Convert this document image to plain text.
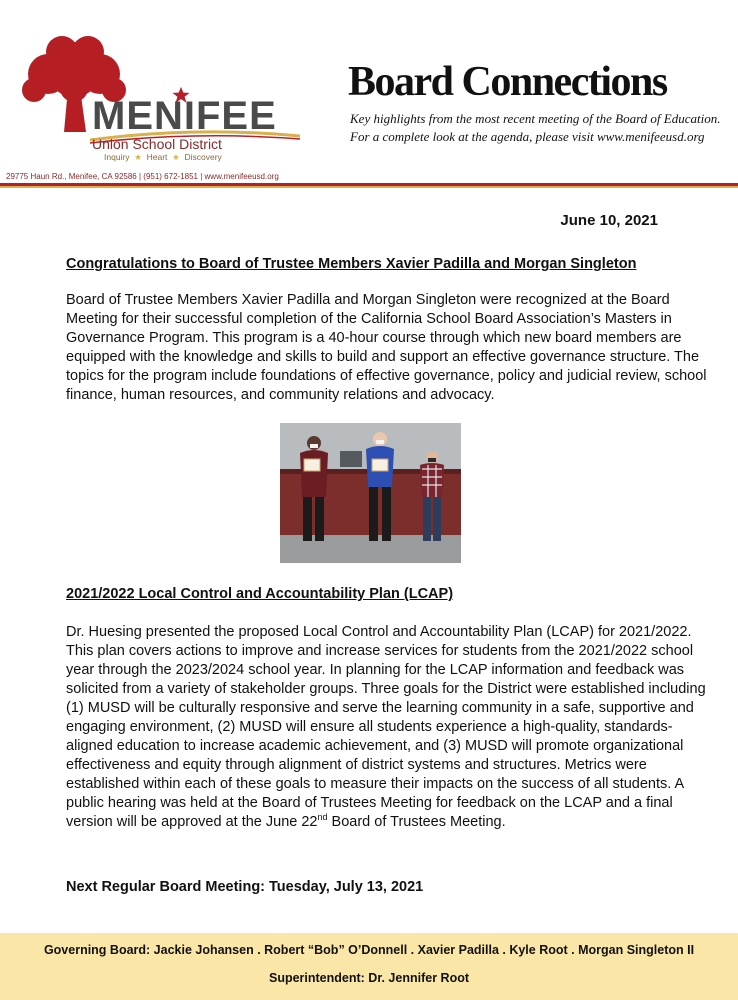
MENIFEE
Union School District
Inquiry  ★  Heart  ★  Discovery
29775 Haun Rd., Menifee, CA 92586 | (951) 672-1851 | www.menifeeusd.org
Board Connections
Key highlights from the most recent meeting of the Board of Education. For a complete look at the agenda, please visit www.menifeeusd.org
June 10, 2021
Congratulations to Board of Trustee Members Xavier Padilla and Morgan Singleton
Board of Trustee Members Xavier Padilla and Morgan Singleton were recognized at the Board Meeting for their successful completion of the California School Board Association’s Masters in Governance Program. This program is a 40-hour course through which new board members are equipped with the knowledge and skills to build and support an effective governance structure. The topics for the program include foundations of effective governance, policy and judicial review, school finance, human resources, and community relations and advocacy.
2021/2022 Local Control and Accountability Plan (LCAP)
Dr. Huesing presented the proposed Local Control and Accountability Plan (LCAP) for 2021/2022. This plan covers actions to improve and increase services for students from the 2021/2022 school year through the 2023/2024 school year. In planning for the LCAP information and feedback was solicited from a variety of stakeholder groups. Three goals for the District were established including (1) MUSD will be culturally responsive and serve the learning community in a safe, supportive and engaging environment, (2) MUSD will ensure all students experience a high-quality, standards-aligned education to increase academic achievement, and (3) MUSD will promote organizational effectiveness and equity through alignment of district systems and structures. Metrics were established within each of these goals to measure their impacts on the success of all students. A public hearing was held at the Board of Trustees Meeting for feedback on the LCAP and a final version will be approved at the June 22nd Board of Trustees Meeting.
Next Regular Board Meeting: Tuesday, July 13, 2021
Governing Board: Jackie Johansen . Robert “Bob” O’Donnell . Xavier Padilla . Kyle Root . Morgan Singleton II
Superintendent: Dr. Jennifer Root
